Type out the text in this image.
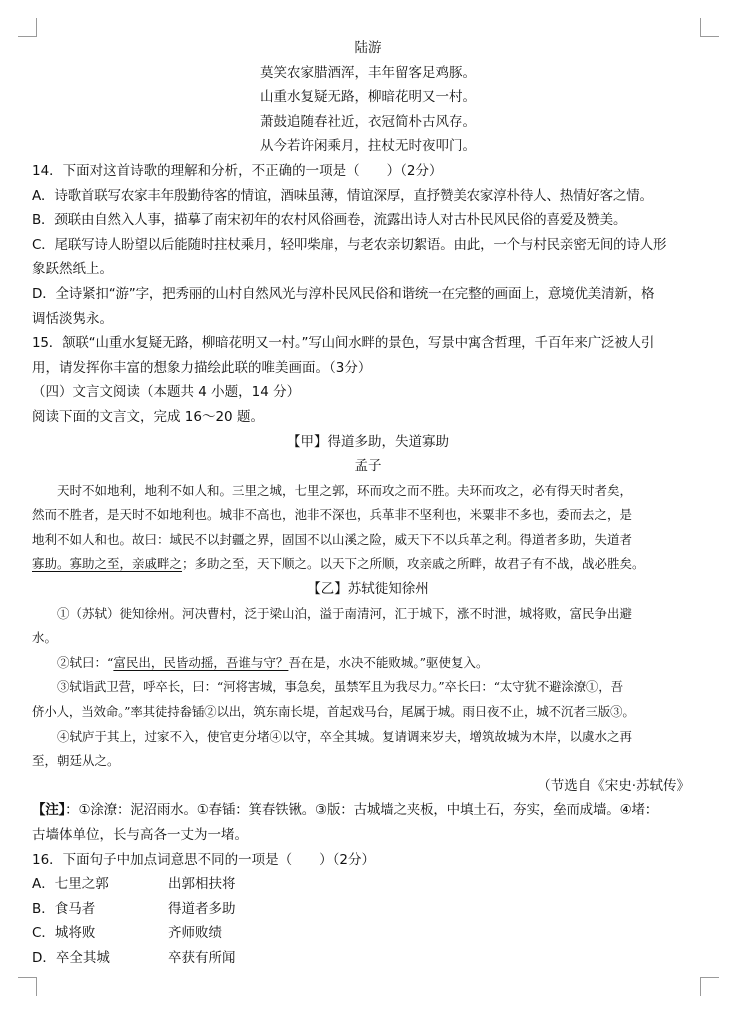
陆游
莫笑农家腊酒浑，丰年留客足鸡豚。
山重水复疑无路，柳暗花明又一村。
萧鼓追随春社近，衣冠简朴古风存。
从今若许闲乘月，拄杖无时夜叩门。
14．下面对这首诗歌的理解和分析，不正确的一项是（　　）（2分）
A．诗歌首联写农家丰年殷勤待客的情谊，酒味虽薄，情谊深厚，直抒赞美农家淳朴待人、热情好客之情。
B．颈联由自然入人事，描摹了南宋初年的农村风俗画卷，流露出诗人对古朴民风民俗的喜爱及赞美。
C．尾联写诗人盼望以后能随时拄杖乘月，轻叩柴扉，与老农亲切絮语。由此，一个与村民亲密无间的诗人形
象跃然纸上。
D．全诗紧扣“游”字，把秀丽的山村自然风光与淳朴民风民俗和谐统一在完整的画面上，意境优美清新，格
调恬淡隽永。
15．颔联“山重水复疑无路，柳暗花明又一村。”写山间水畔的景色，写景中寓含哲理，千百年来广泛被人引
用，请发挥你丰富的想象力描绘此联的唯美画面。（3分）
（四）文言文阅读（本题共 4 小题，14 分）
阅读下面的文言文，完成 16～20 题。
【甲】得道多助，失道寡助
孟子
天时不如地利，地利不如人和。三里之城，七里之郭，环而攻之而不胜。夫环而攻之，必有得天时者矣，
然而不胜者，是天时不如地利也。城非不高也，池非不深也，兵革非不坚利也，米粟非不多也，委而去之，是
地利不如人和也。故曰：域民不以封疆之界，固国不以山溪之险，威天下不以兵革之利。得道者多助，失道者
寡助。寡助之至，亲戚畔之；多助之至，天下顺之。以天下之所顺，攻亲戚之所畔，故君子有不战，战必胜矣。
【乙】苏轼徙知徐州
①（苏轼）徙知徐州。河决曹村，泛于梁山泊，溢于南清河，汇于城下，涨不时泄，城将败，富民争出避
水。
②轼曰：“富民出，民皆动摇，吾谁与守？吾在是，水决不能败城。”驱使复入。
③轼诣武卫营，呼卒长，曰：“河将害城，事急矣，虽禁军且为我尽力。”卒长曰：“太守犹不避涂潦①，吾
侪小人，当效命。”率其徒持畚锸②以出，筑东南长堤，首起戏马台，尾属于城。雨日夜不止，城不沉者三版③。
④轼庐于其上，过家不入，使官吏分堵④以守，卒全其城。复请调来岁夫，增筑故城为木岸，以虞水之再
至，朝廷从之。
（节选自《宋史·苏轼传》
【注】：①涂潦：泥沼雨水。①春锸：箕春铁锹。③版：古城墙之夹板，中填土石，夯实，垒而成墙。④堵：
古墙体单位，长与高各一丈为一堵。
16．下面句子中加点词意思不同的一项是（　　）（2分）
A．七里之郭	出郭相扶将
B．食马者	得道者多助
C．城将败	齐师败绩
D．卒全其城	卒获有所闻
